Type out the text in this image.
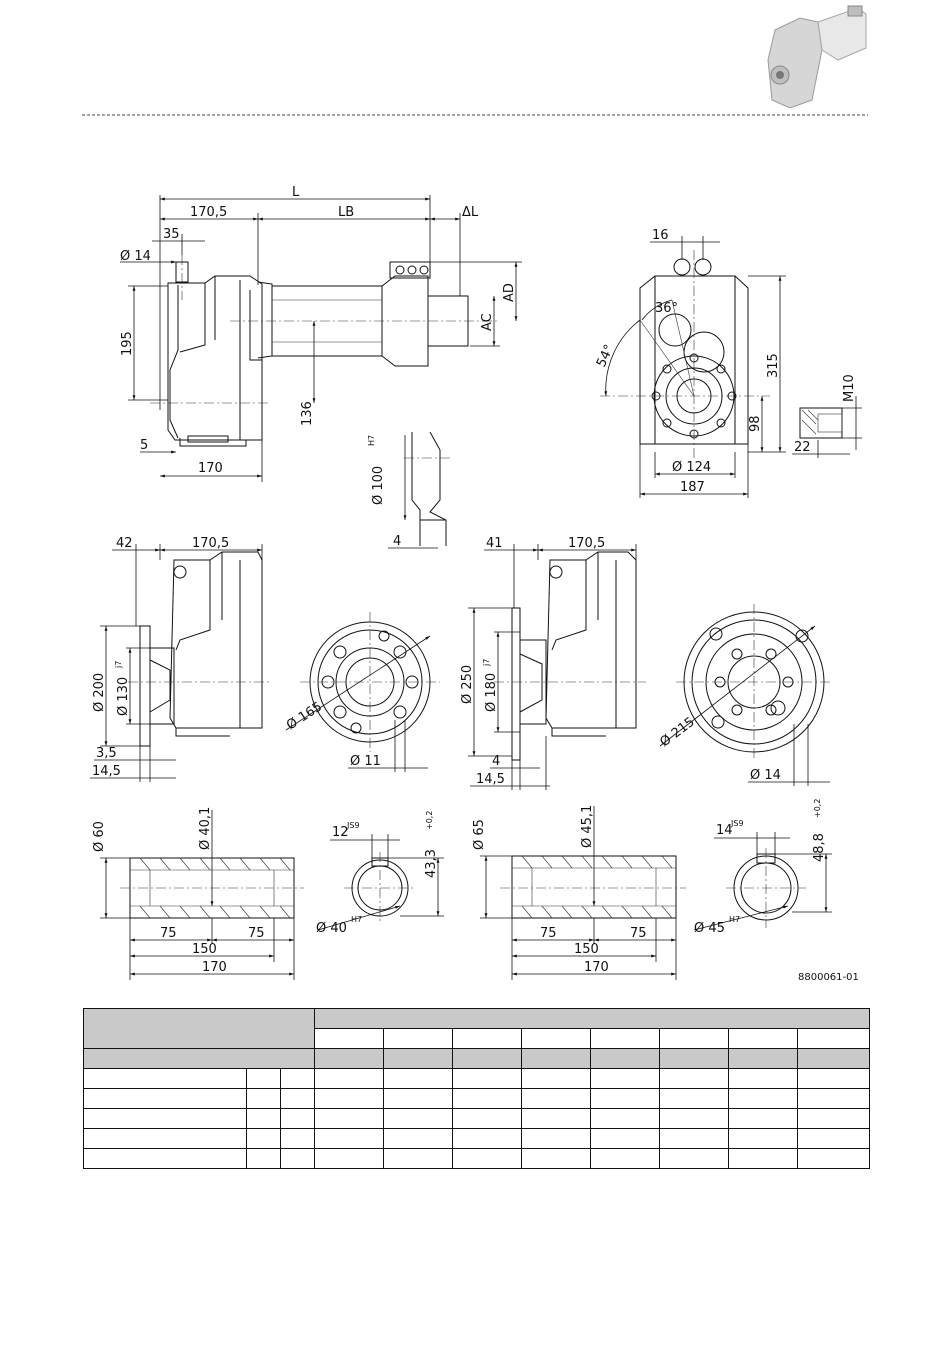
L
170,5	LB	ΔL
35
Ø 14
195
136
AD
AC
5
170	Ø 100
H7
4
16
54°
36°
315
98
Ø 124
187
M10
22
42	170,5
Ø 200 Ø 130
j7
3,5
14,5
Ø 165
Ø 11
41	170,5
Ø 250 Ø 180
j7
4
14,5
Ø 215
Ø 14
Ø 60	Ø 40,1
75	75
150
170
12
JS9
43,3
+0,2
Ø 40
H7
Ø 65	Ø 45,1
75	75
150
170
14
JS9
48,8
+0,2
Ø 45
H7
8800061-01
